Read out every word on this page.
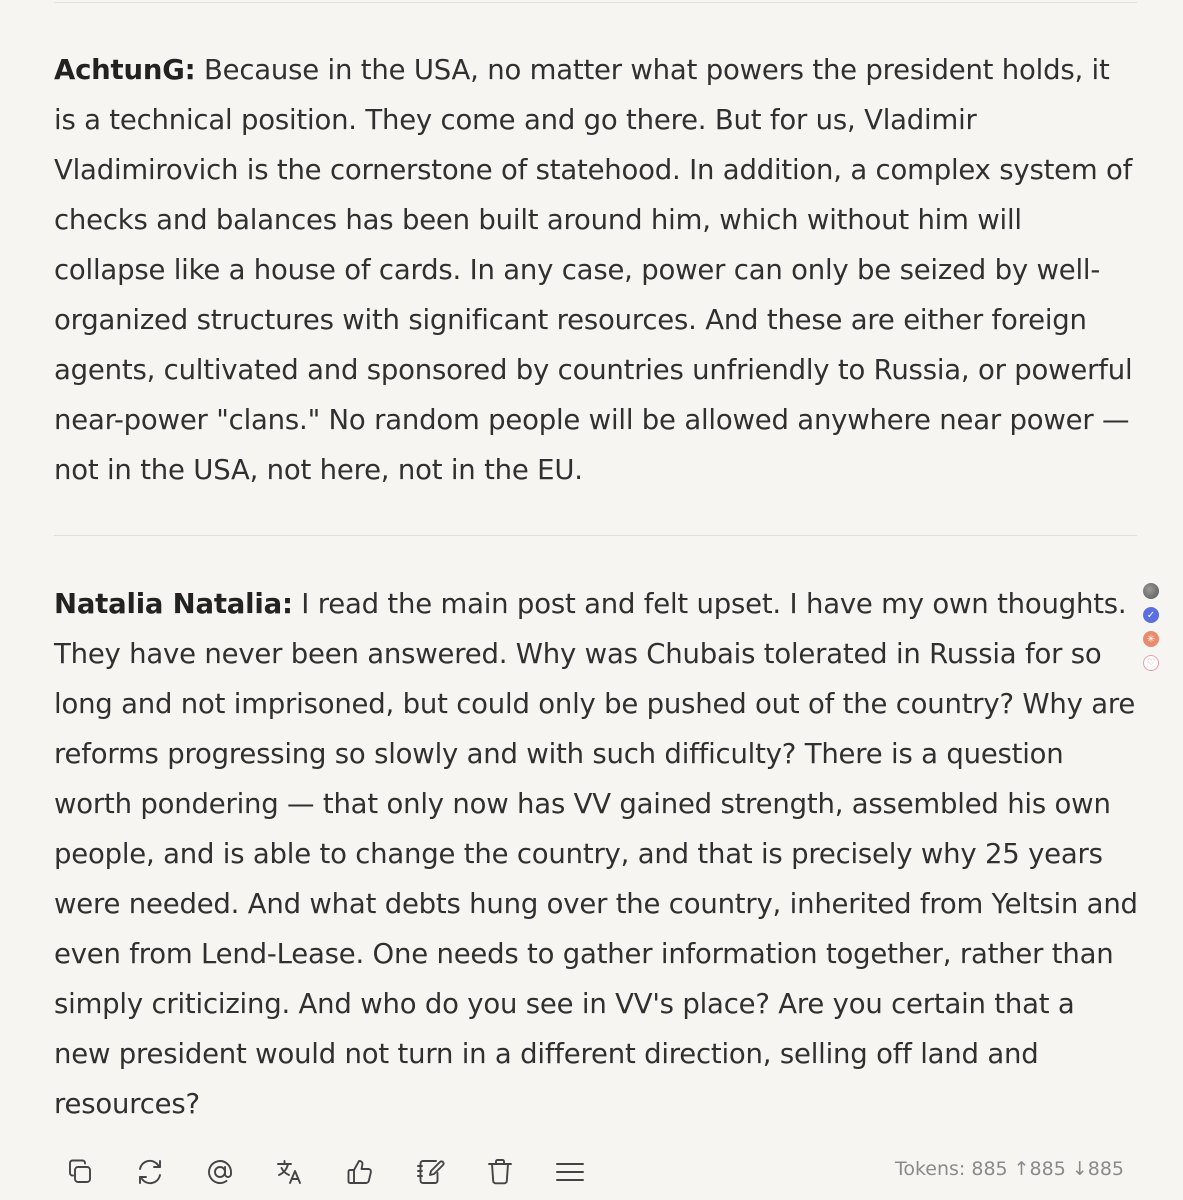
AchtunG: Because in the USA, no matter what powers the president holds, it is a technical position. They come and go there. But for us, Vladimir Vladimirovich is the cornerstone of statehood. In addition, a complex system of checks and balances has been built around him, which without him will collapse like a house of cards. In any case, power can only be seized by well-organized structures with significant resources. And these are either foreign agents, cultivated and sponsored by countries unfriendly to Russia, or powerful near-power "clans." No random people will be allowed anywhere near power — not in the USA, not here, not in the EU.

Natalia Natalia: I read the main post and felt upset. I have my own thoughts. They have never been answered. Why was Chubais tolerated in Russia for so long and not imprisoned, but could only be pushed out of the country? Why are reforms progressing so slowly and with such difficulty? There is a question worth pondering — that only now has VV gained strength, assembled his own people, and is able to change the country, and that is precisely why 25 years were needed. And what debts hung over the country, inherited from Yeltsin and even from Lend-Lease. One needs to gather information together, rather than simply criticizing. And who do you see in VV's place? Are you certain that a new president would not turn in a different direction, selling off land and resources?

✓
✳
♡
Tokens: 885 ↑885 ↓885
